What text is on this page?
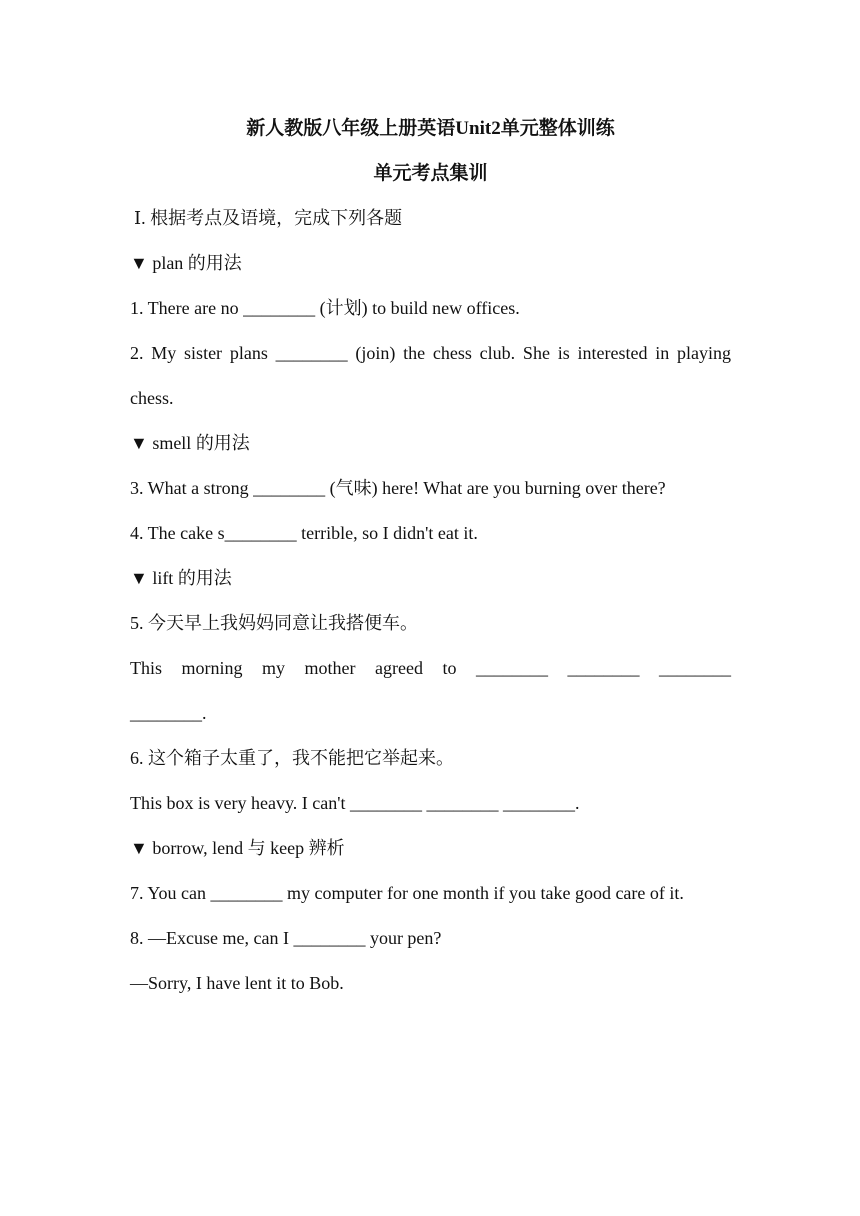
新人教版八年级上册英语Unit2单元整体训练

单元考点集训

Ⅰ. 根据考点及语境，完成下列各题

▼ plan 的用法

1. There are no ________ (计划) to build new offices.

2. My sister plans ________ (join) the chess club. She is interested in playing chess.

▼ smell 的用法

3. What a strong ________ (气味) here! What are you burning over there?

4. The cake s________ terrible, so I didn't eat it.

▼ lift 的用法

5. 今天早上我妈妈同意让我搭便车。

This morning my mother agreed to ________ ________ ________

________.

6. 这个箱子太重了，我不能把它举起来。

This box is very heavy. I can't ________ ________ ________.

▼ borrow, lend 与 keep 辨析

7. You can ________ my computer for one month if you take good care of it.

8. —Excuse me, can I ________ your pen?

—Sorry, I have lent it to Bob.
